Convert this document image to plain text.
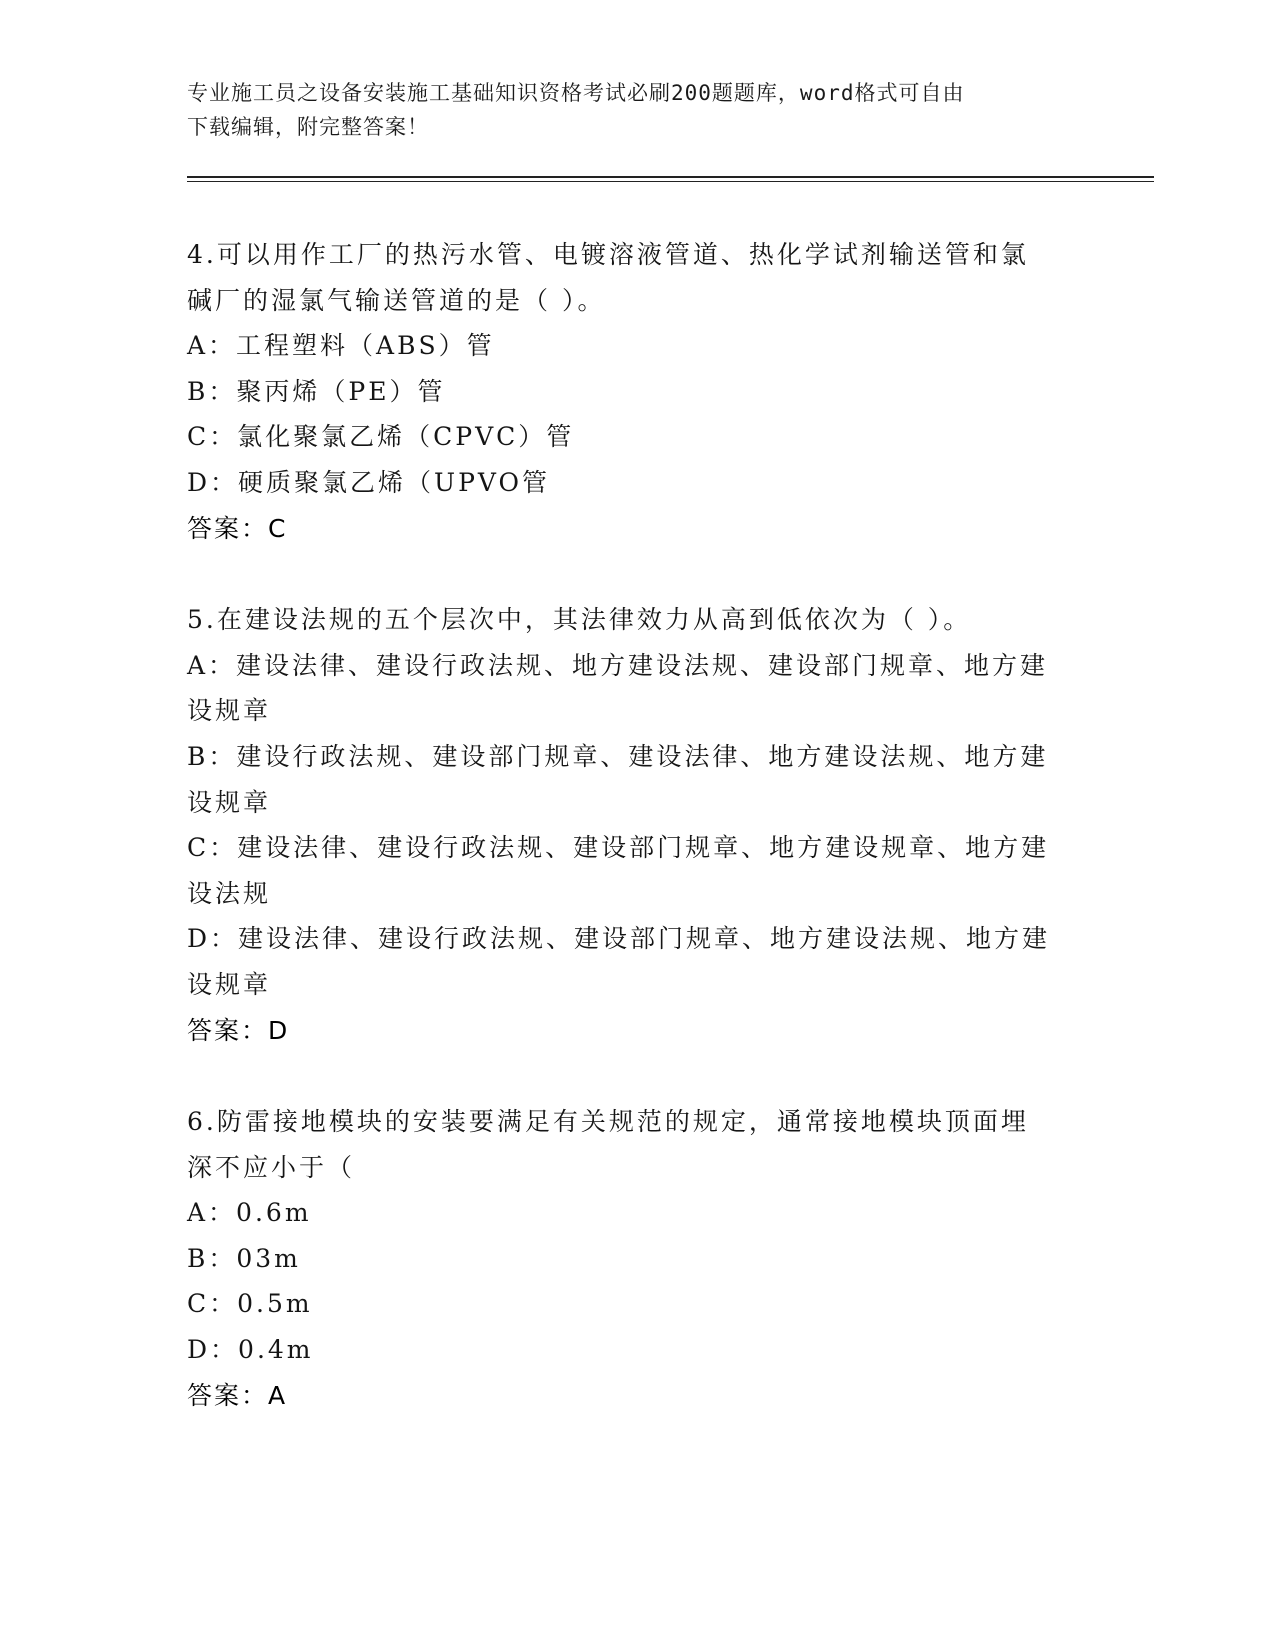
专业施工员之设备安装施工基础知识资格考试必刷200题题库，word格式可自由
下载编辑，附完整答案！
4.可以用作工厂的热污水管、电镀溶液管道、热化学试剂输送管和氯
碱厂的湿氯气输送管道的是（ ）。
A：工程塑料（ABS）管
B：聚丙烯（PE）管
C：氯化聚氯乙烯（CPVC）管
D：硬质聚氯乙烯（UPVO管
答案：C
5.在建设法规的五个层次中，其法律效力从高到低依次为（ ）。
A：建设法律、建设行政法规、地方建设法规、建设部门规章、地方建
设规章
B：建设行政法规、建设部门规章、建设法律、地方建设法规、地方建
设规章
C：建设法律、建设行政法规、建设部门规章、地方建设规章、地方建
设法规
D：建设法律、建设行政法规、建设部门规章、地方建设法规、地方建
设规章
答案：D
6.防雷接地模块的安装要满足有关规范的规定，通常接地模块顶面埋
深不应小于（
A：0.6m
B：03m
C：0.5m
D：0.4m
答案：A
